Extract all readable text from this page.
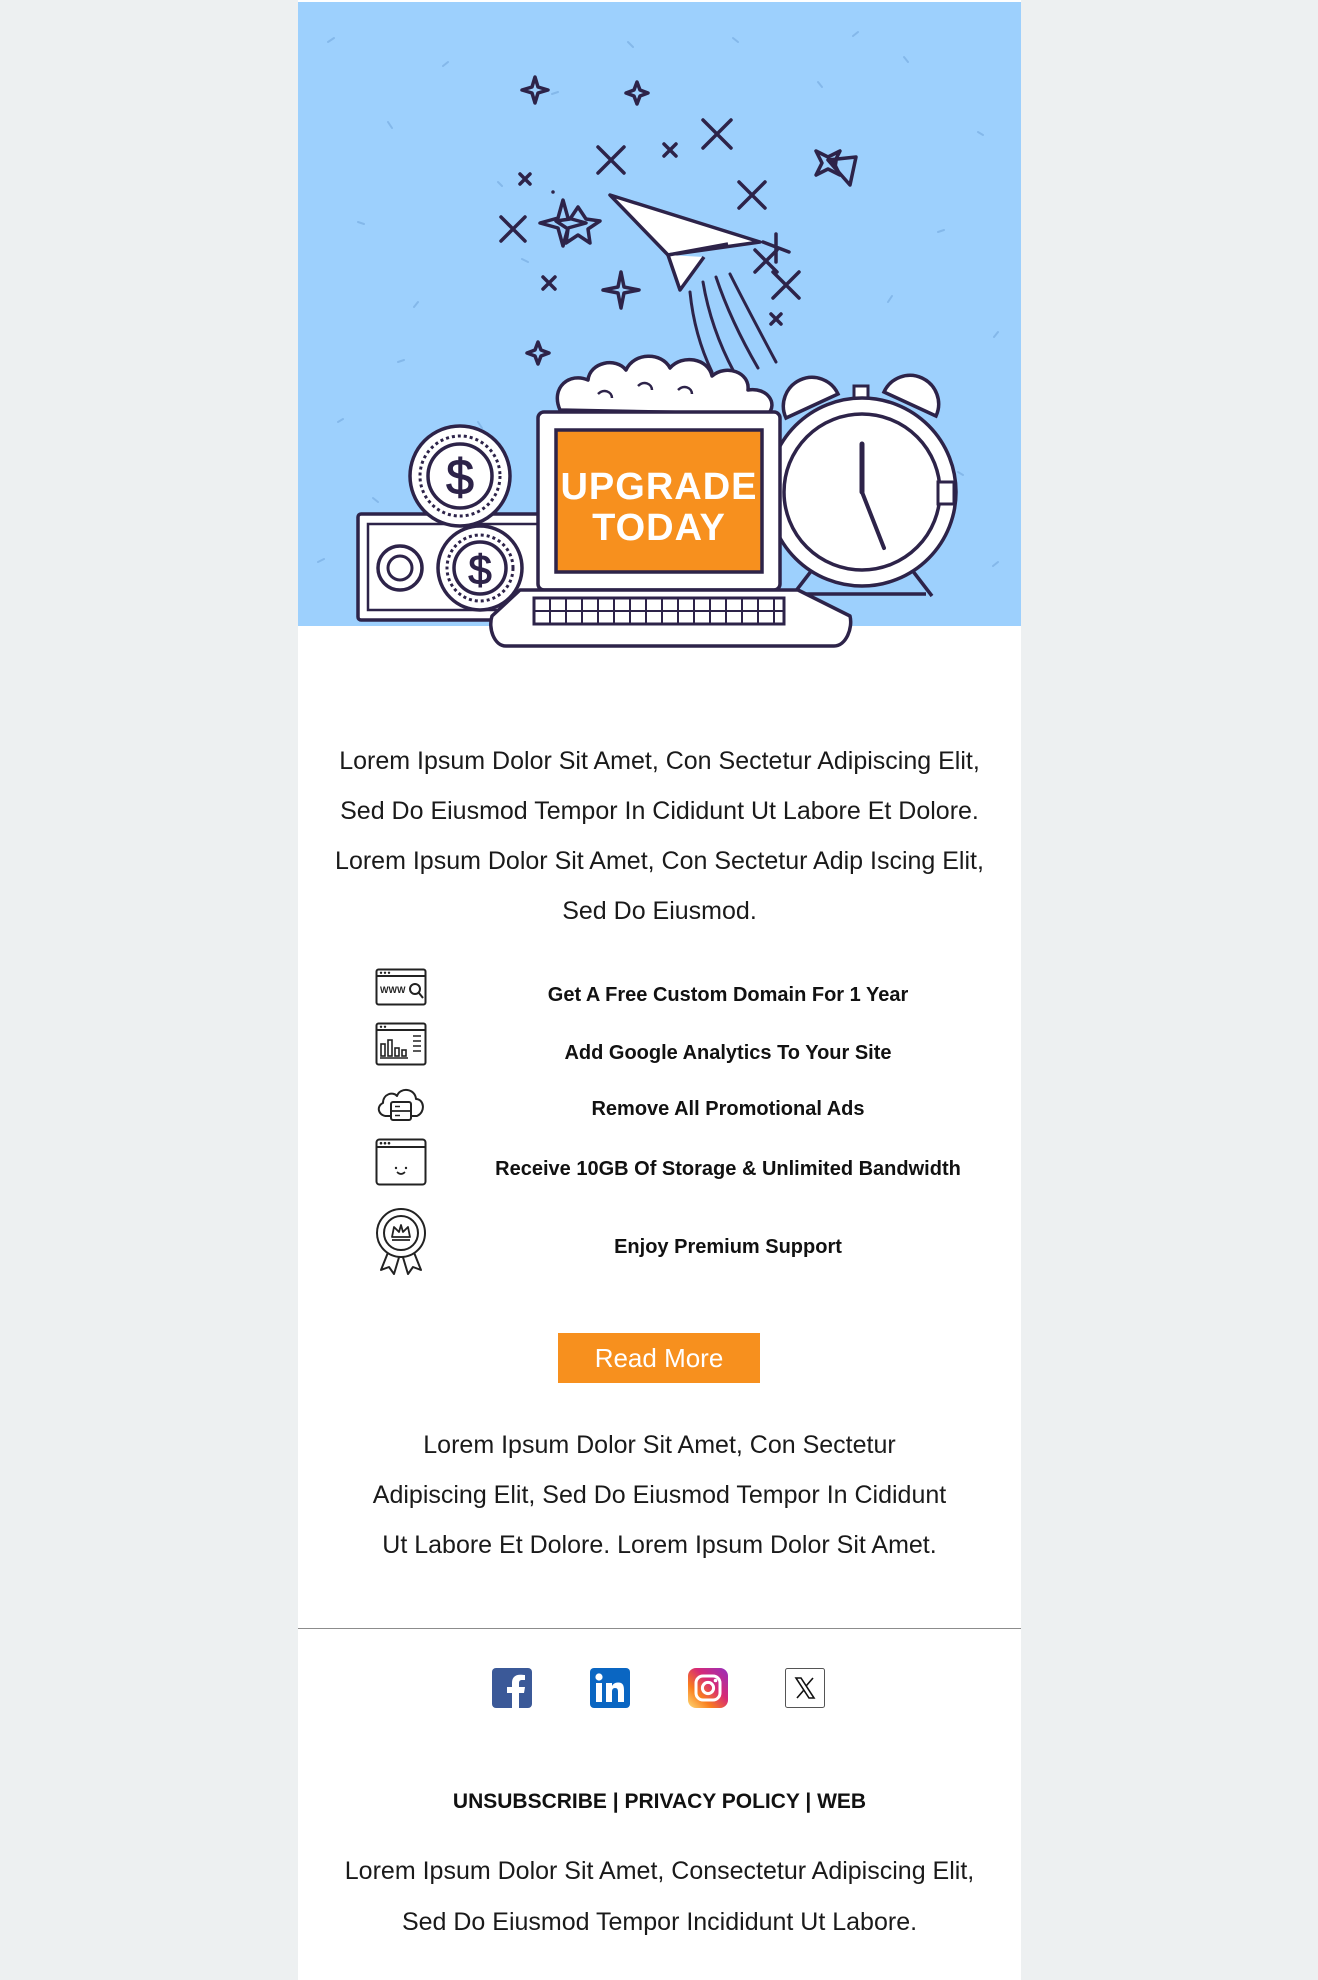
$
$
UPGRADE
TODAY
Lorem Ipsum Dolor Sit Amet, Con Sectetur Adipiscing Elit,
Sed Do Eiusmod Tempor In Cididunt Ut Labore Et Dolore.
Lorem Ipsum Dolor Sit Amet, Con Sectetur Adip Iscing Elit,
Sed Do Eiusmod.
WWW	Get A Free Custom Domain For 1 Year
Add Google Analytics To Your Site
Remove All Promotional Ads
Receive 10GB Of Storage & Unlimited Bandwidth
Enjoy Premium Support
Read More
Lorem Ipsum Dolor Sit Amet, Con Sectetur
Adipiscing Elit, Sed Do Eiusmod Tempor In Cididunt
Ut Labore Et Dolore. Lorem Ipsum Dolor Sit Amet.
UNSUBSCRIBE | PRIVACY POLICY | WEB
Lorem Ipsum Dolor Sit Amet, Consectetur Adipiscing Elit,
Sed Do Eiusmod Tempor Incididunt Ut Labore.
